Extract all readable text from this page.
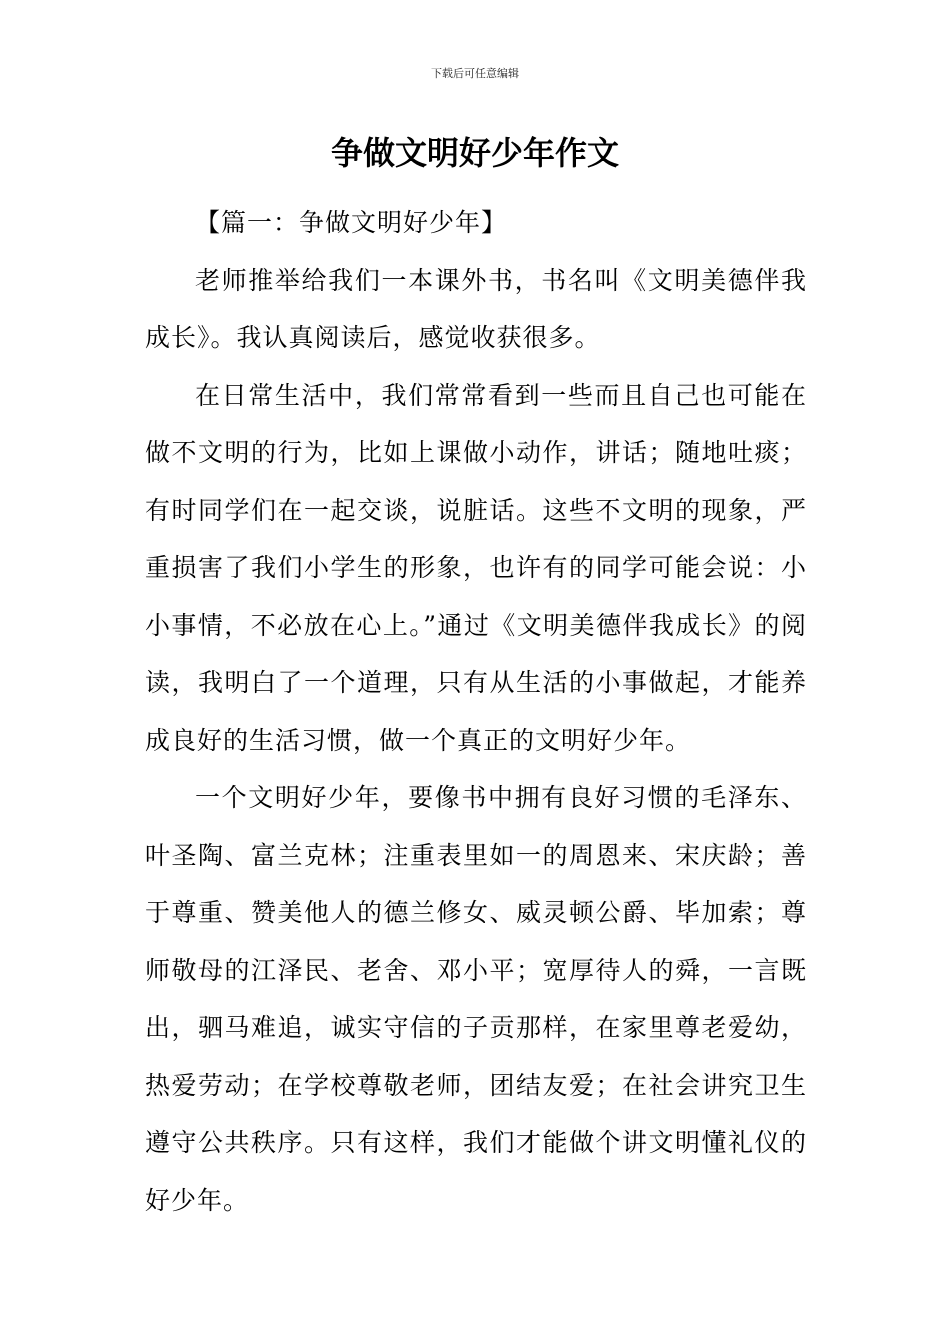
下载后可任意编辑
争做文明好少年作文

【篇一：争做文明好少年】

老师推举给我们一本课外书，书名叫《文明美德伴我成长》。我认真阅读后，感觉收获很多。

在日常生活中，我们常常看到一些而且自己也可能在做不文明的行为，比如上课做小动作，讲话；随地吐痰；有时同学们在一起交谈，说脏话。这些不文明的现象，严重损害了我们小学生的形象，也许有的同学可能会说：小小事情，不必放在心上。”通过《文明美德伴我成长》的阅读，我明白了一个道理，只有从生活的小事做起，才能养成良好的生活习惯，做一个真正的文明好少年。

一个文明好少年，要像书中拥有良好习惯的毛泽东、叶圣陶、富兰克林；注重表里如一的周恩来、宋庆龄；善于尊重、赞美他人的德兰修女、威灵顿公爵、毕加索；尊师敬母的江泽民、老舍、邓小平；宽厚待人的舜，一言既出，驷马难追，诚实守信的子贡那样，在家里尊老爱幼，热爱劳动；在学校尊敬老师，团结友爱；在社会讲究卫生遵守公共秩序。只有这样，我们才能做个讲文明懂礼仪的好少年。
